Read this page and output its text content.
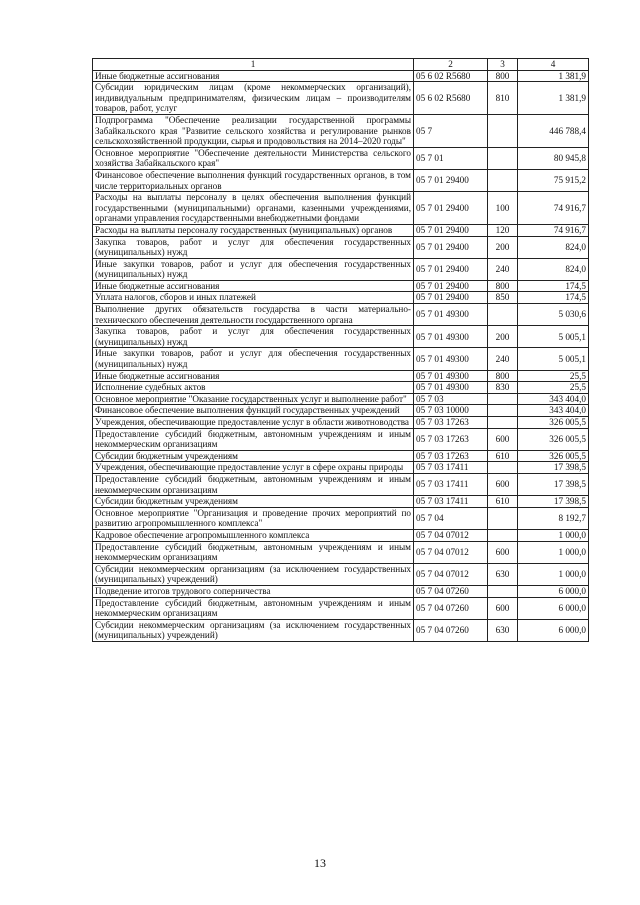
1	2	3	4
Иные бюджетные ассигнования	05 6 02 R5680	800	1 381,9
Субсидии юридическим лицам (кроме некоммерческих организаций), индивидуальным предпринимателям, физическим лицам – производителям товаров, работ, услуг	05 6 02 R5680	810	1 381,9
Подпрограмма "Обеспечение реализации государственной программы Забайкальского края "Развитие сельского хозяйства и регулирование рынков сельскохозяйственной продукции, сырья и продовольствия на 2014–2020 годы"	05 7		446 788,4
Основное мероприятие "Обеспечение деятельности Министерства сельского хозяйства Забайкальского края"	05 7 01		80 945,8
Финансовое обеспечение выполнения функций государственных органов, в том числе территориальных органов	05 7 01 29400		75 915,2
Расходы на выплаты персоналу в целях обеспечения выполнения функций государственными (муниципальными) органами, казенными учреждениями, органами управления государственными внебюджетными фондами	05 7 01 29400	100	74 916,7
Расходы на выплаты персоналу государственных (муниципальных) органов	05 7 01 29400	120	74 916,7
Закупка товаров, работ и услуг для обеспечения государственных (муниципальных) нужд	05 7 01 29400	200	824,0
Иные закупки товаров, работ и услуг для обеспечения государственных (муниципальных) нужд	05 7 01 29400	240	824,0
Иные бюджетные ассигнования	05 7 01 29400	800	174,5
Уплата налогов, сборов и иных платежей	05 7 01 29400	850	174,5
Выполнение других обязательств государства в части материально-технического обеспечения деятельности государственного органа	05 7 01 49300		5 030,6
Закупка товаров, работ и услуг для обеспечения государственных (муниципальных) нужд	05 7 01 49300	200	5 005,1
Иные закупки товаров, работ и услуг для обеспечения государственных (муниципальных) нужд	05 7 01 49300	240	5 005,1
Иные бюджетные ассигнования	05 7 01 49300	800	25,5
Исполнение судебных актов	05 7 01 49300	830	25,5
Основное мероприятие "Оказание государственных услуг и выполнение работ"	05 7 03		343 404,0
Финансовое обеспечение выполнения функций государственных учреждений	05 7 03 10000		343 404,0
Учреждения, обеспечивающие предоставление услуг в области животноводства	05 7 03 17263		326 005,5
Предоставление субсидий бюджетным, автономным учреждениям и иным некоммерческим организациям	05 7 03 17263	600	326 005,5
Субсидии бюджетным учреждениям	05 7 03 17263	610	326 005,5
Учреждения, обеспечивающие предоставление услуг в сфере охраны природы	05 7 03 17411		17 398,5
Предоставление субсидий бюджетным, автономным учреждениям и иным некоммерческим организациям	05 7 03 17411	600	17 398,5
Субсидии бюджетным учреждениям	05 7 03 17411	610	17 398,5
Основное мероприятие "Организация и проведение прочих мероприятий по развитию агропромышленного комплекса"	05 7 04		8 192,7
Кадровое обеспечение агропромышленного комплекса	05 7 04 07012		1 000,0
Предоставление субсидий бюджетным, автономным учреждениям и иным некоммерческим организациям	05 7 04 07012	600	1 000,0
Субсидии некоммерческим организациям (за исключением государственных (муниципальных) учреждений)	05 7 04 07012	630	1 000,0
Подведение итогов трудового соперничества	05 7 04 07260		6 000,0
Предоставление субсидий бюджетным, автономным учреждениям и иным некоммерческим организациям	05 7 04 07260	600	6 000,0
Субсидии некоммерческим организациям (за исключением государственных (муниципальных) учреждений)	05 7 04 07260	630	6 000,0
13
